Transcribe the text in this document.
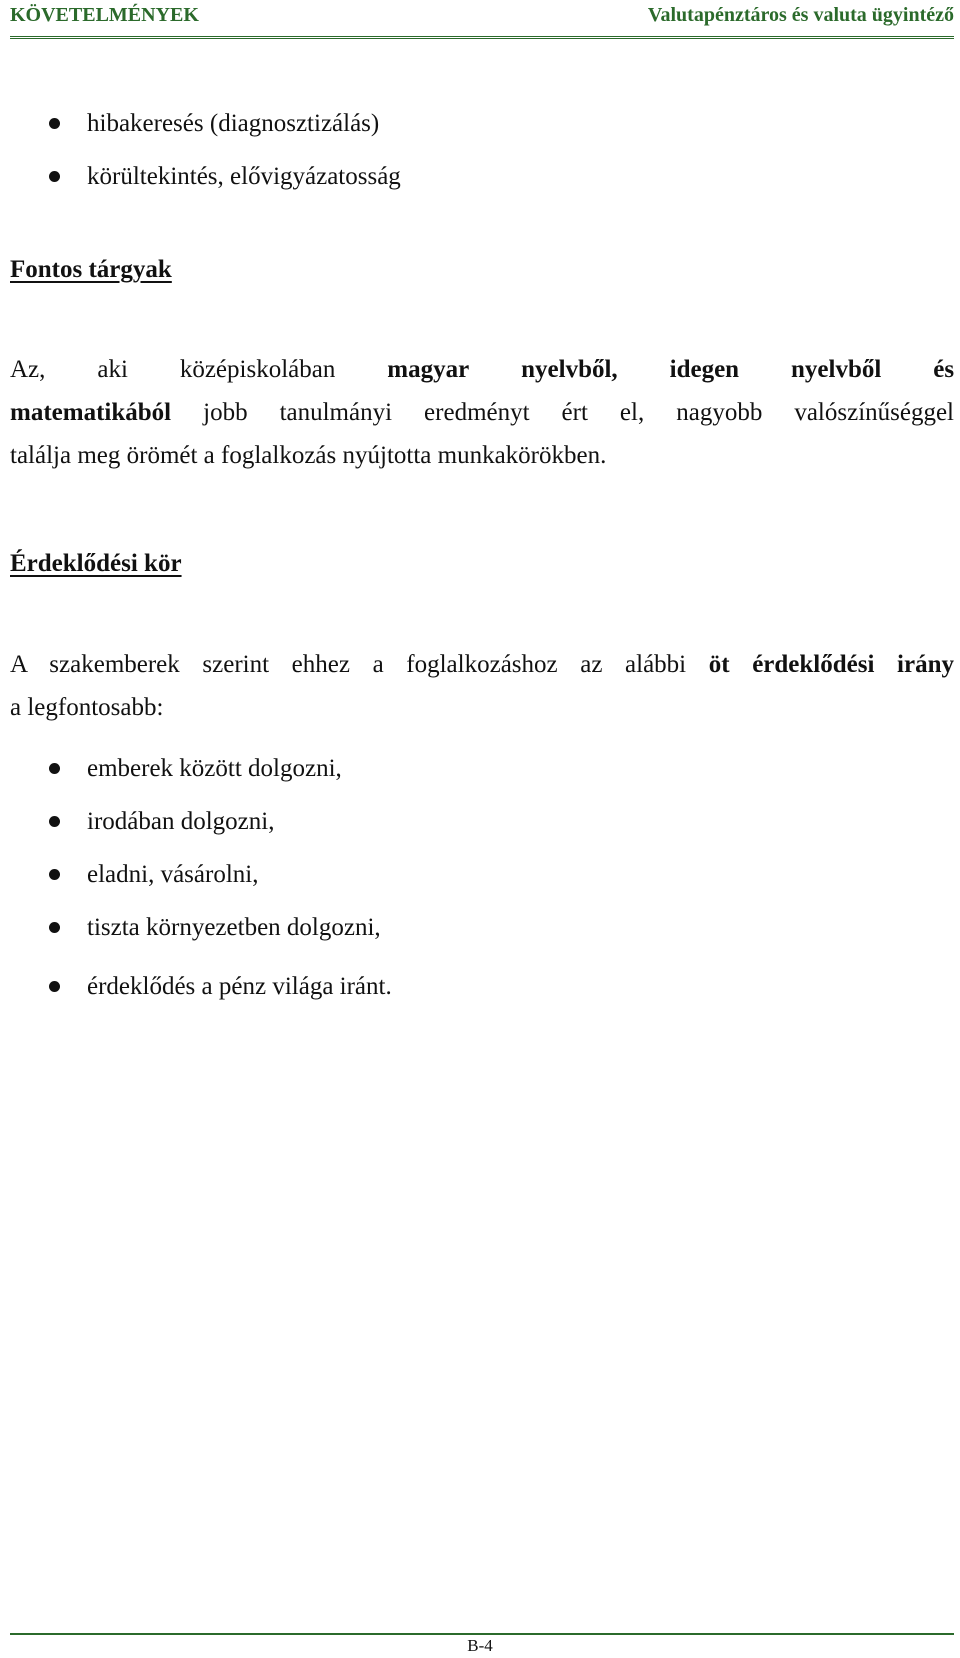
KÖVETELMÉNYEK	Valutapénztáros és valuta ügyintéző
hibakeresés (diagnosztizálás)
körültekintés, elővigyázatosság
Fontos tárgyak
Az, aki középiskolában magyar nyelvből, idegen nyelvből és
matematikából jobb tanulmányi eredményt ért el, nagyobb valószínűséggel
találja meg örömét a foglalkozás nyújtotta munkakörökben.
Érdeklődési kör
A szakemberek szerint ehhez a foglalkozáshoz az alábbi öt érdeklődési irány
a legfontosabb:
emberek között dolgozni,
irodában dolgozni,
eladni, vásárolni,
tiszta környezetben dolgozni,
érdeklődés a pénz világa iránt.
B-4
